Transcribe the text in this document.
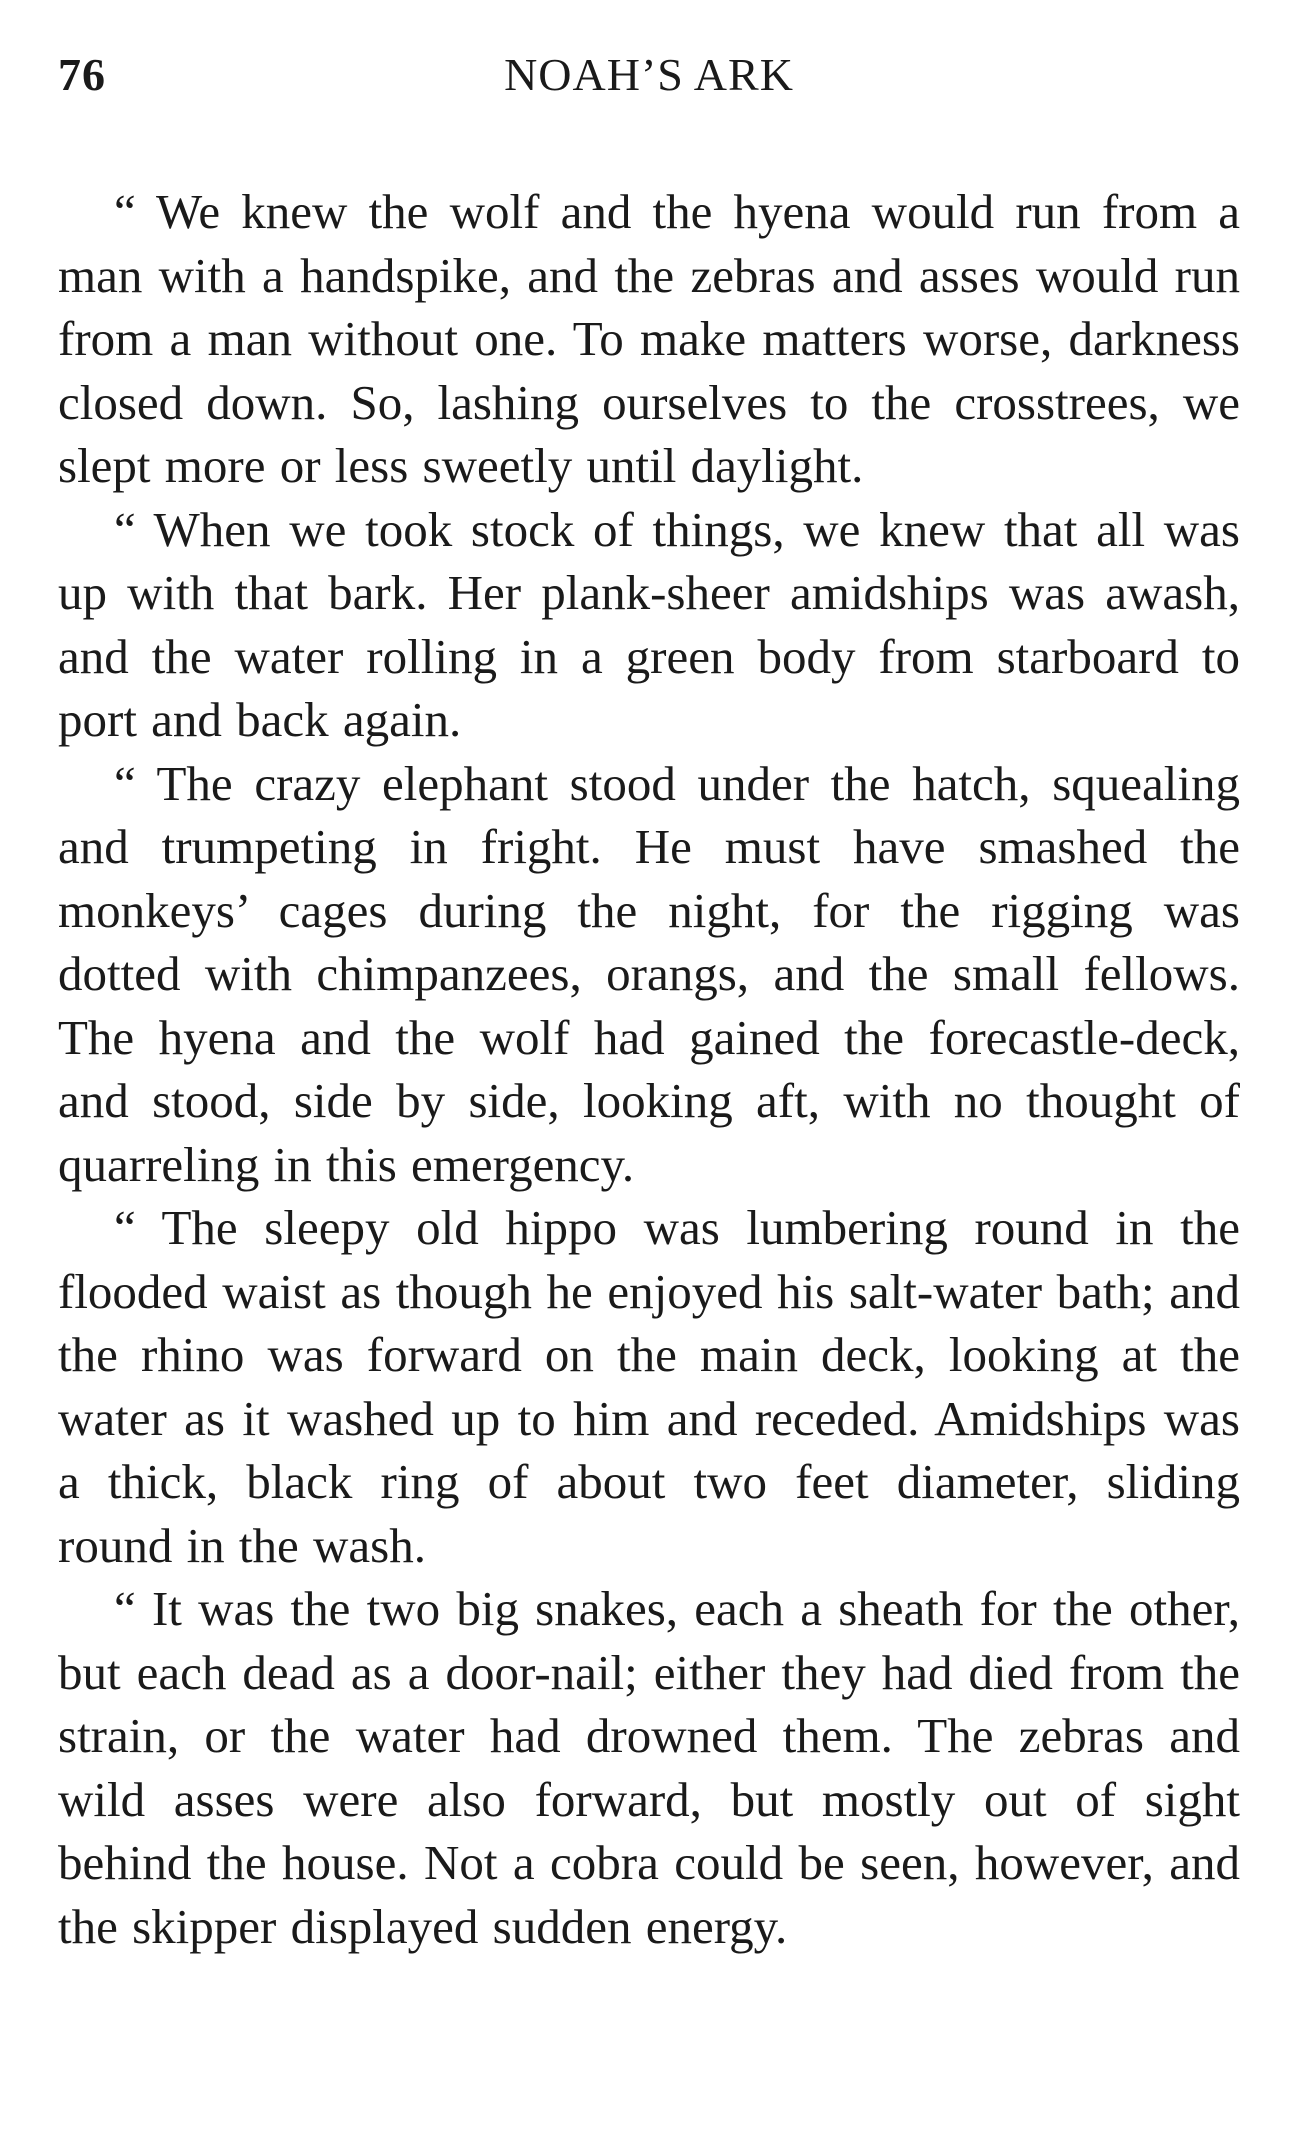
76	NOAH’S ARK

“ We knew the wolf and the hyena would run from a man with a handspike, and the zebras and asses would run from a man without one. To make matters worse, darkness closed down. So, lashing ourselves to the crosstrees, we slept more or less sweetly until daylight.

“ When we took stock of things, we knew that all was up with that bark. Her plank-sheer amidships was awash, and the water rolling in a green body from starboard to port and back again.

“ The crazy elephant stood under the hatch, squealing and trumpeting in fright. He must have smashed the monkeys’ cages during the night, for the rigging was dotted with chimpanzees, orangs, and the small fellows. The hyena and the wolf had gained the forecastle-deck, and stood, side by side, looking aft, with no thought of quarreling in this emergency.

“ The sleepy old hippo was lumbering round in the flooded waist as though he enjoyed his salt-water bath; and the rhino was forward on the main deck, looking at the water as it washed up to him and receded. Amidships was a thick, black ring of about two feet diameter, sliding round in the wash.

“ It was the two big snakes, each a sheath for the other, but each dead as a door-nail; either they had died from the strain, or the water had drowned them. The zebras and wild asses were also forward, but mostly out of sight behind the house. Not a cobra could be seen, however, and the skipper displayed sudden energy.
